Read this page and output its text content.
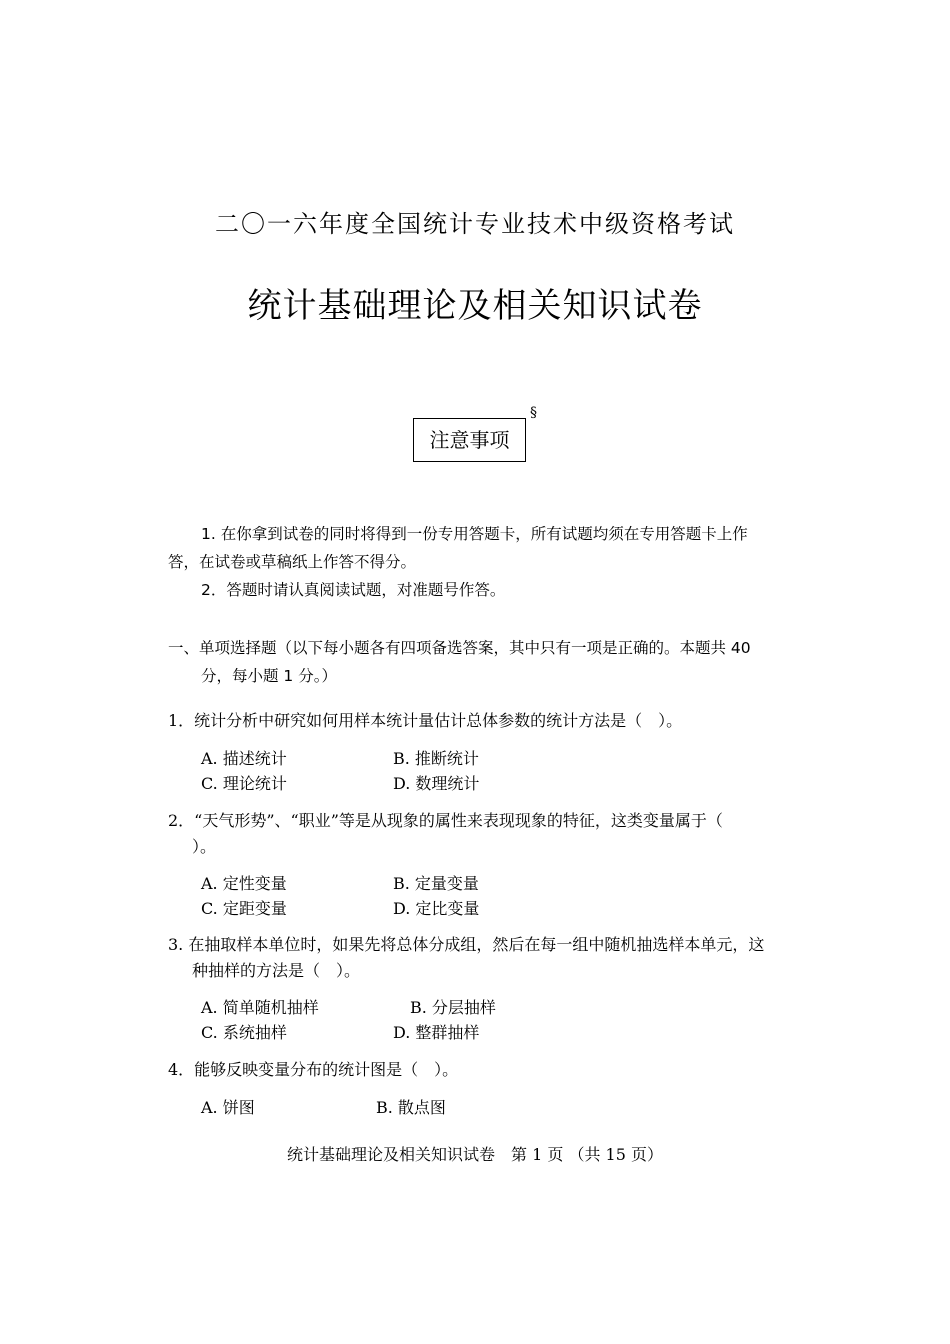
二〇一六年度全国统计专业技术中级资格考试
统计基础理论及相关知识试卷
注意事项
§
1. 在你拿到试卷的同时将得到一份专用答题卡，所有试题均须在专用答题卡上作
答，在试卷或草稿纸上作答不得分。
2．答题时请认真阅读试题，对准题号作答。
一、单项选择题（以下每小题各有四项备选答案，其中只有一项是正确的。本题共 40
分，每小题 1 分。）
1．统计分析中研究如何用样本统计量估计总体参数的统计方法是（　）。
A. 描述统计	B. 推断统计
C. 理论统计	D. 数理统计
2．“天气形势”、“职业”等是从现象的属性来表现现象的特征，这类变量属于（
）。
A. 定性变量	B. 定量变量
C. 定距变量	D. 定比变量
3. 在抽取样本单位时，如果先将总体分成组，然后在每一组中随机抽选样本单元，这
种抽样的方法是（　）。
A. 简单随机抽样	B. 分层抽样
C. 系统抽样	D. 整群抽样
4．能够反映变量分布的统计图是（　）。
A. 饼图	B. 散点图
统计基础理论及相关知识试卷　第 1 页 （共 15 页）
